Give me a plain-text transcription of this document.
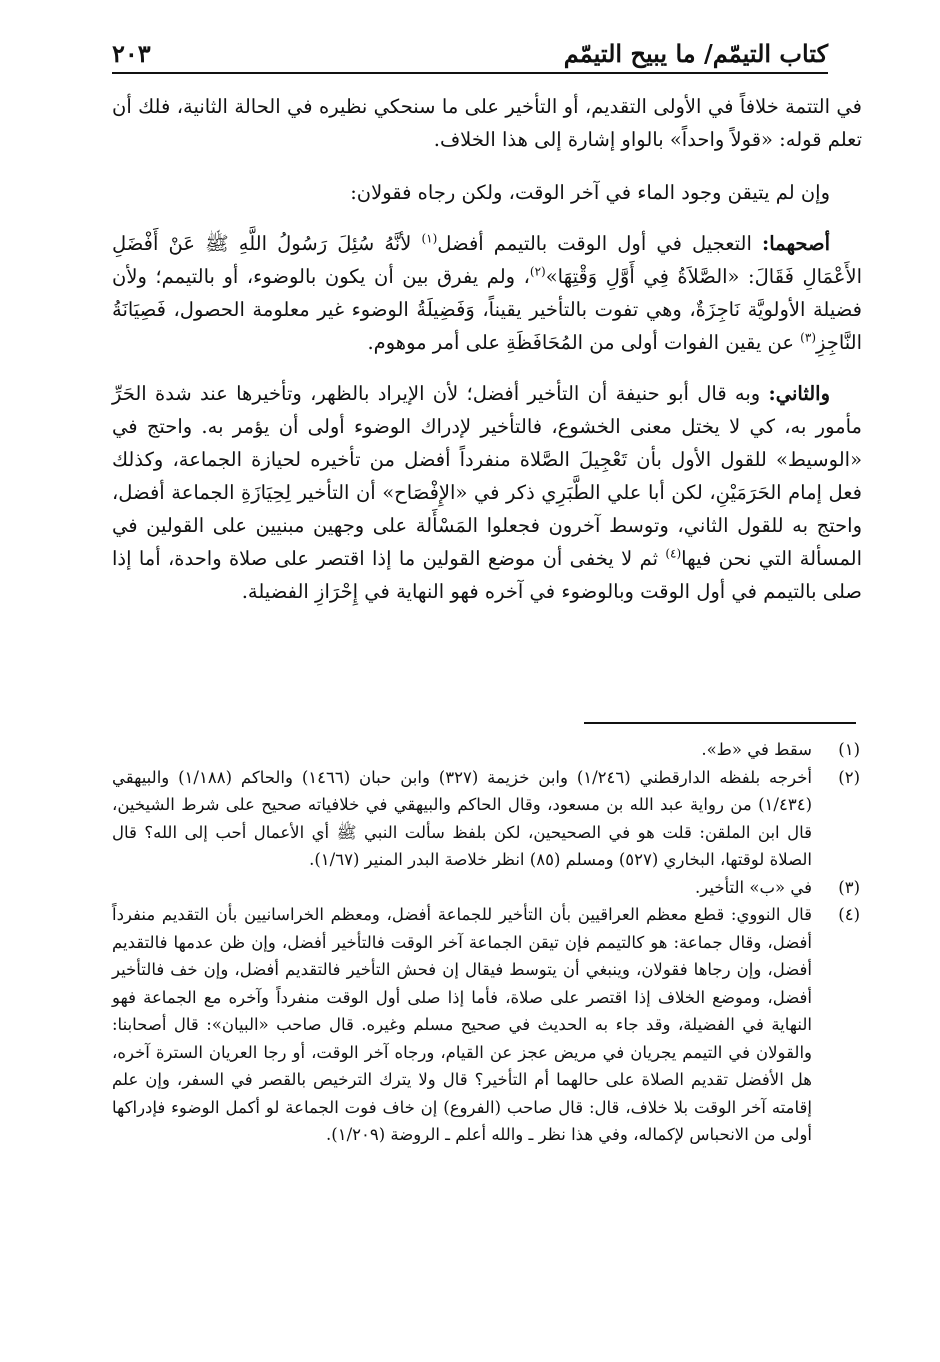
كتاب التيمّم/ ما يبيح التيمّم
٢٠٣

في التتمة خلافاً في الأولى التقديم، أو التأخير على ما سنحكي نظيره في الحالة الثانية، فلك أن تعلم قوله: «قولاً واحداً» بالواو إشارة إلى هذا الخلاف.

وإن لم يتيقن وجود الماء في آخر الوقت، ولكن رجاه فقولان:

أصحهما: التعجيل في أول الوقت بالتيمم أفضل$^{(١)}$ لأنَّهُ سُئِلَ رَسُولُ اللَّهِ ﷺ عَنْ أَفْضَلِ الأَعْمَالِ فَقَالَ: «الصَّلاَةُ فِي أَوَّلِ وَقْتِهَا»$^{(٢)}$، ولم يفرق بين أن يكون بالوضوء، أو بالتيمم؛ ولأن فضيلة الأولويَّة نَاجِزَةٌ، وهي تفوت بالتأخير يقيناً، وَفَضِيلَةُ الوضوء غير معلومة الحصول، فَصِيَانَةُ النَّاجِزِ$^{(٣)}$ عن يقين الفوات أولى من المُحَافَظَةِ على أمر موهوم.

والثاني: وبه قال أبو حنيفة أن التأخير أفضل؛ لأن الإيراد بالظهر، وتأخيرها عند شدة الحَرِّ مأمور به، كي لا يختل معنى الخشوع، فالتأخير لإدراك الوضوء أولى أن يؤمر به. واحتج في «الوسيط» للقول الأول بأن تَعْجِيلَ الصَّلاة منفرداً أفضل من تأخيره لحيازة الجماعة، وكذلك فعل إمام الحَرَمَيْنِ، لكن أبا علي الطَّبَرِي ذكر في «الإِفْصَاح» أن التأخير لِحِيَازَةِ الجماعة أفضل، واحتج به للقول الثاني، وتوسط آخرون فجعلوا المَسْأَلة على وجهين مبنيين على القولين في المسألة التي نحن فيها$^{(٤)}$ ثم لا يخفى أن موضع القولين ما إذا اقتصر على صلاة واحدة، أما إذا صلى بالتيمم في أول الوقت وبالوضوء في آخره فهو النهاية في إِحْرَازِ الفضيلة.

(١)
سقط في «ط».
(٢)
أخرجه بلفظه الدارقطني (١/٢٤٦) وابن خزيمة (٣٢٧) وابن حبان (١٤٦٦) والحاكم (١/١٨٨) والبيهقي (١/٤٣٤) من رواية عبد الله بن مسعود، وقال الحاكم والبيهقي في خلافياته صحيح على شرط الشيخين، قال ابن الملقن: قلت هو في الصحيحين، لكن بلفظ سألت النبي ﷺ أي الأعمال أحب إلى الله؟ قال الصلاة لوقتها، البخاري (٥٢٧) ومسلم (٨٥) انظر خلاصة البدر المنير (١/٦٧).
(٣)
في «ب» التأخير.
(٤)
قال النووي: قطع معظم العراقيين بأن التأخير للجماعة أفضل، ومعظم الخراسانيين بأن التقديم منفرداً أفضل، وقال جماعة: هو كالتيمم فإن تيقن الجماعة آخر الوقت فالتأخير أفضل، وإن ظن عدمها فالتقديم أفضل، وإن رجاها فقولان، وينبغي أن يتوسط فيقال إن فحش التأخير فالتقديم أفضل، وإن خف فالتأخير أفضل، وموضع الخلاف إذا اقتصر على صلاة، فأما إذا صلى أول الوقت منفرداً وآخره مع الجماعة فهو النهاية في الفضيلة، وقد جاء به الحديث في صحيح مسلم وغيره. قال صاحب «البيان»: قال أصحابنا: والقولان في التيمم يجريان في مريض عجز عن القيام، ورجاه آخر الوقت، أو رجا العريان السترة آخره، هل الأفضل تقديم الصلاة على حالهما أم التأخير؟ قال ولا يترك الترخيص بالقصر في السفر، وإن علم إقامته آخر الوقت بلا خلاف، قال: قال صاحب (الفروع) إن خاف فوت الجماعة لو أكمل الوضوء فإدراكها أولى من الانحباس لإكماله، وفي هذا نظر ـ والله أعلم ـ الروضة (١/٢٠٩).
